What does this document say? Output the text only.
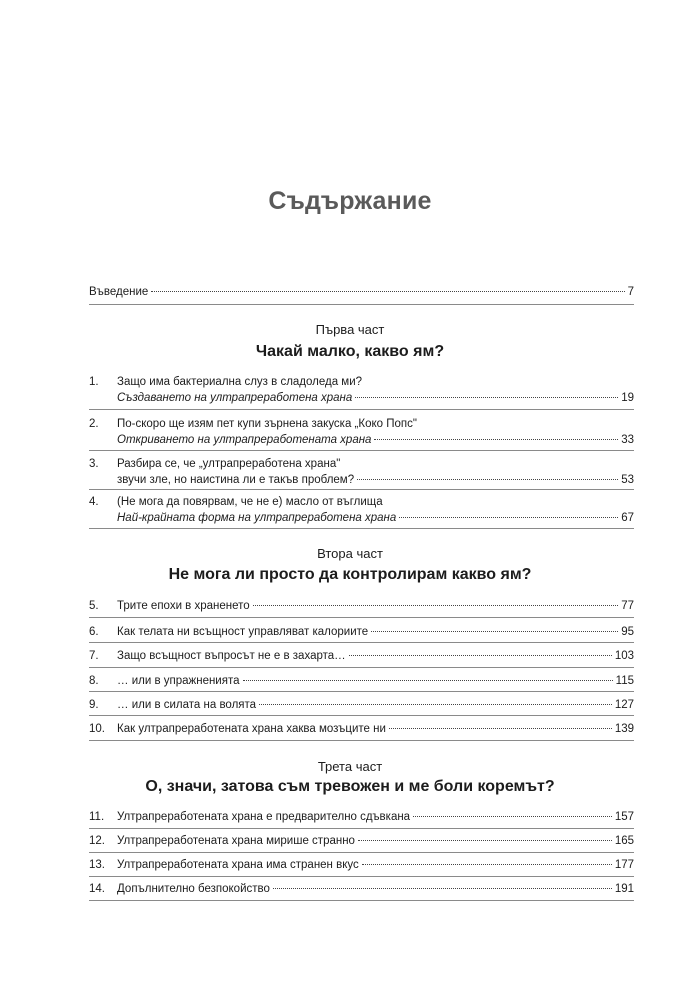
Съдържание
Въведение	7
Първа част
Чакай малко, какво ям?
1.	Защо има бактериална слуз в сладоледа ми?
Създаването на ултрапреработена храна	19
2.	По-скоро ще изям пет купи зърнена закуска „Коко Попс"
Откриването на ултрапреработената храна	33
3.	Разбира се, че „ултрапреработена храна"
звучи зле, но наистина ли е такъв проблем?	53
4.	(Не мога да повярвам, че не е) масло от въглища
Най-крайната форма на ултрапреработена храна	67
Втора част
Не мога ли просто да контролирам какво ям?
5.	Трите епохи в храненето	77
6.	Как телата ни всъщност управляват калориите	95
7.	Защо всъщност въпросът не е в захарта…	103
8.	… или в упражненията	115
9.	… или в силата на волята	127
10.	Как ултрапреработената храна хаква мозъците ни	139
Трета част
О, значи, затова съм тревожен и ме боли коремът?
11.	Ултрапреработената храна е предварително сдъвкана	157
12.	Ултрапреработената храна мирише странно	165
13.	Ултрапреработената храна има странен вкус	177
14.	Допълнително безпокойство	191
